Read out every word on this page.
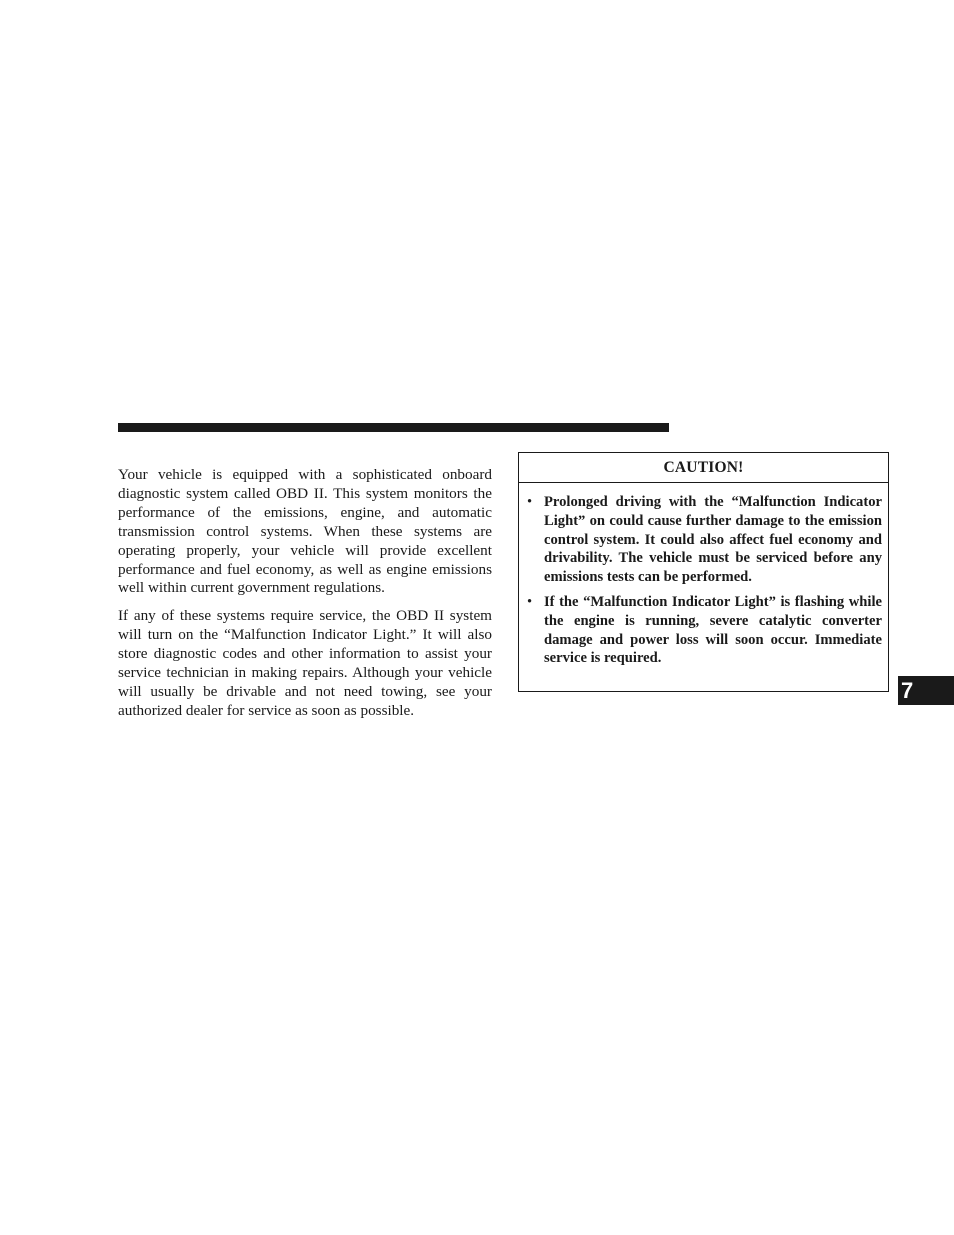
Your vehicle is equipped with a sophisticated onboard diagnostic system called OBD II. This system monitors the performance of the emissions, engine, and automatic transmission control systems. When these systems are operating properly, your vehicle will provide excellent performance and fuel economy, as well as engine emissions well within current government regulations.

If any of these systems require service, the OBD II system will turn on the “Malfunction Indicator Light.” It will also store diagnostic codes and other information to assist your service technician in making repairs. Although your vehicle will usually be drivable and not need towing, see your authorized dealer for service as soon as possible.

CAUTION!
• Prolonged driving with the “Malfunction Indicator Light” on could cause further damage to the emission control system. It could also affect fuel economy and drivability. The vehicle must be serviced before any emissions tests can be performed.
• If the “Malfunction Indicator Light” is flashing while the engine is running, severe catalytic converter damage and power loss will soon occur. Immediate service is required.
7
